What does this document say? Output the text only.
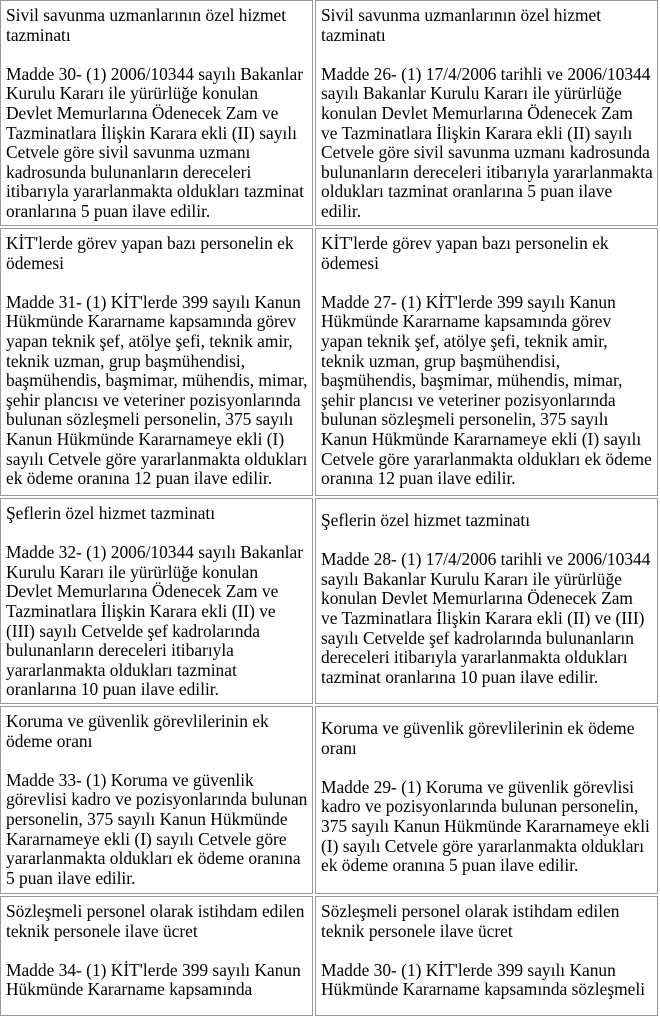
Sivil savunma uzmanlarının özel hizmet tazminatı
Madde 30- (1) 2006/10344 sayılı Bakanlar Kurulu Kararı ile yürürlüğe konulan Devlet Memurlarına Ödenecek Zam ve Tazminatlara İlişkin Karara ekli (II) sayılı Cetvele göre sivil savunma uzmanı kadrosunda bulunanların dereceleri itibarıyla yararlanmakta oldukları tazminat oranlarına 5 puan ilave edilir.
Sivil savunma uzmanlarının özel hizmet tazminatı
Madde 26- (1) 17/4/2006 tarihli ve 2006/10344 sayılı Bakanlar Kurulu Kararı ile yürürlüğe konulan Devlet Memurlarına Ödenecek Zam ve Tazminatlara İlişkin Karara ekli (II) sayılı Cetvele göre sivil savunma uzmanı kadrosunda bulunanların dereceleri itibarıyla yararlanmakta oldukları tazminat oranlarına 5 puan ilave edilir.
KİT'lerde görev yapan bazı personelin ek ödemesi
Madde 31- (1) KİT'lerde 399 sayılı Kanun Hükmünde Kararname kapsamında görev yapan teknik şef, atölye şefi, teknik amir, teknik uzman, grup başmühendisi, başmühendis, başmimar, mühendis, mimar, şehir plancısı ve veteriner pozisyonlarında bulunan sözleşmeli personelin, 375 sayılı Kanun Hükmünde Kararnameye ekli (I) sayılı Cetvele göre yararlanmakta oldukları ek ödeme oranına 12 puan ilave edilir.
KİT'lerde görev yapan bazı personelin ek ödemesi
Madde 27- (1) KİT'lerde 399 sayılı Kanun Hükmünde Kararname kapsamında görev yapan teknik şef, atölye şefi, teknik amir, teknik uzman, grup başmühendisi, başmühendis, başmimar, mühendis, mimar, şehir plancısı ve veteriner pozisyonlarında bulunan sözleşmeli personelin, 375 sayılı Kanun Hükmünde Kararnameye ekli (I) sayılı Cetvele göre yararlanmakta oldukları ek ödeme oranına 12 puan ilave edilir.
Şeflerin özel hizmet tazminatı
Madde 32- (1) 2006/10344 sayılı Bakanlar Kurulu Kararı ile yürürlüğe konulan Devlet Memurlarına Ödenecek Zam ve Tazminatlara İlişkin Karara ekli (II) ve (III) sayılı Cetvelde şef kadrolarında bulunanların dereceleri itibarıyla yararlanmakta oldukları tazminat oranlarına 10 puan ilave edilir.
Şeflerin özel hizmet tazminatı
Madde 28- (1) 17/4/2006 tarihli ve 2006/10344 sayılı Bakanlar Kurulu Kararı ile yürürlüğe konulan Devlet Memurlarına Ödenecek Zam ve Tazminatlara İlişkin Karara ekli (II) ve (III) sayılı Cetvelde şef kadrolarında bulunanların dereceleri itibarıyla yararlanmakta oldukları tazminat oranlarına 10 puan ilave edilir.
Koruma ve güvenlik görevlilerinin ek ödeme oranı
Madde 33- (1) Koruma ve güvenlik görevlisi kadro ve pozisyonlarında bulunan personelin, 375 sayılı Kanun Hükmünde Kararnameye ekli (I) sayılı Cetvele göre yararlanmakta oldukları ek ödeme oranına 5 puan ilave edilir.
Koruma ve güvenlik görevlilerinin ek ödeme oranı
Madde 29- (1) Koruma ve güvenlik görevlisi kadro ve pozisyonlarında bulunan personelin, 375 sayılı Kanun Hükmünde Kararnameye ekli (I) sayılı Cetvele göre yararlanmakta oldukları ek ödeme oranına 5 puan ilave edilir.
Sözleşmeli personel olarak istihdam edilen teknik personele ilave ücret
Madde 34- (1) KİT'lerde 399 sayılı Kanun Hükmünde Kararname kapsamında
Sözleşmeli personel olarak istihdam edilen teknik personele ilave ücret
Madde 30- (1) KİT'lerde 399 sayılı Kanun Hükmünde Kararname kapsamında sözleşmeli
